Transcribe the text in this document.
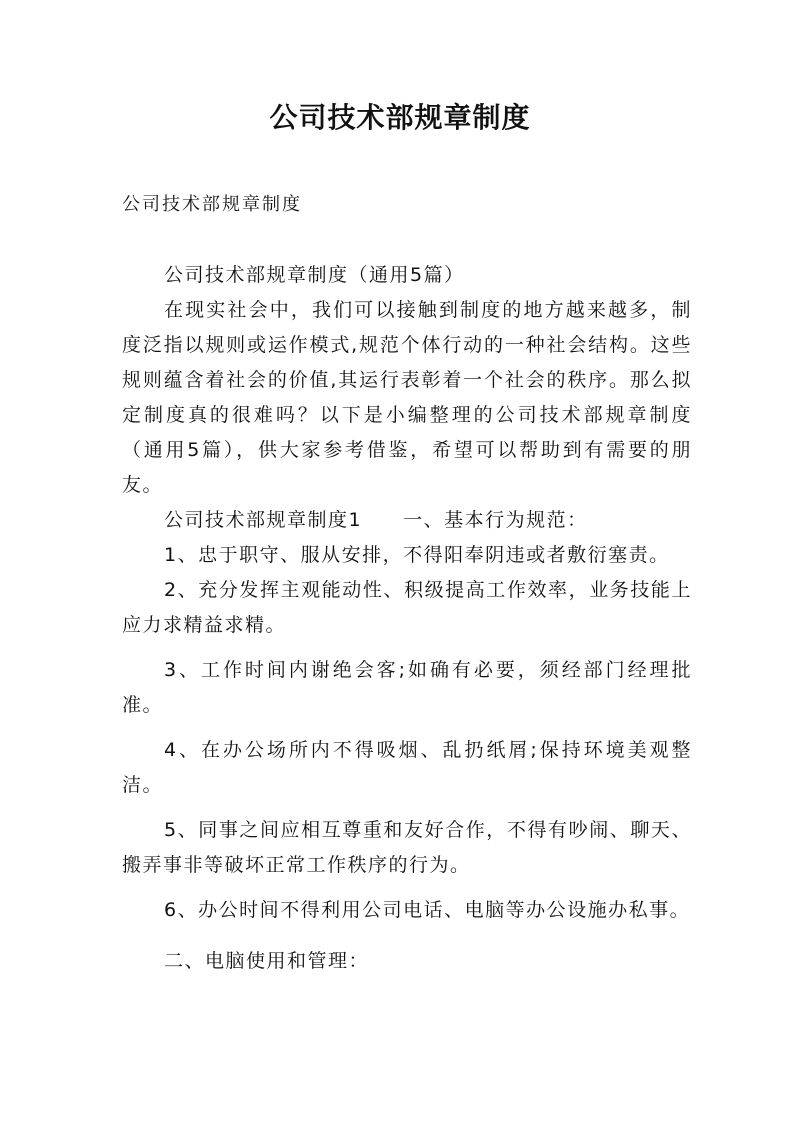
公司技术部规章制度
公司技术部规章制度

公司技术部规章制度（通用5篇）

在现实社会中，我们可以接触到制度的地方越来越多，制度泛指以规则或运作模式,规范个体行动的一种社会结构。这些规则蕴含着社会的价值,其运行表彰着一个社会的秩序。那么拟定制度真的很难吗？以下是小编整理的公司技术部规章制度（通用5篇），供大家参考借鉴，希望可以帮助到有需要的朋友。

公司技术部规章制度1　　一、基本行为规范：

1、忠于职守、服从安排，不得阳奉阴违或者敷衍塞责。

2、充分发挥主观能动性、积级提高工作效率，业务技能上应力求精益求精。

3、工作时间内谢绝会客;如确有必要，须经部门经理批准。

4、在办公场所内不得吸烟、乱扔纸屑;保持环境美观整洁。

5、同事之间应相互尊重和友好合作，不得有吵闹、聊天、搬弄事非等破坏正常工作秩序的行为。

6、办公时间不得利用公司电话、电脑等办公设施办私事。

二、电脑使用和管理：
